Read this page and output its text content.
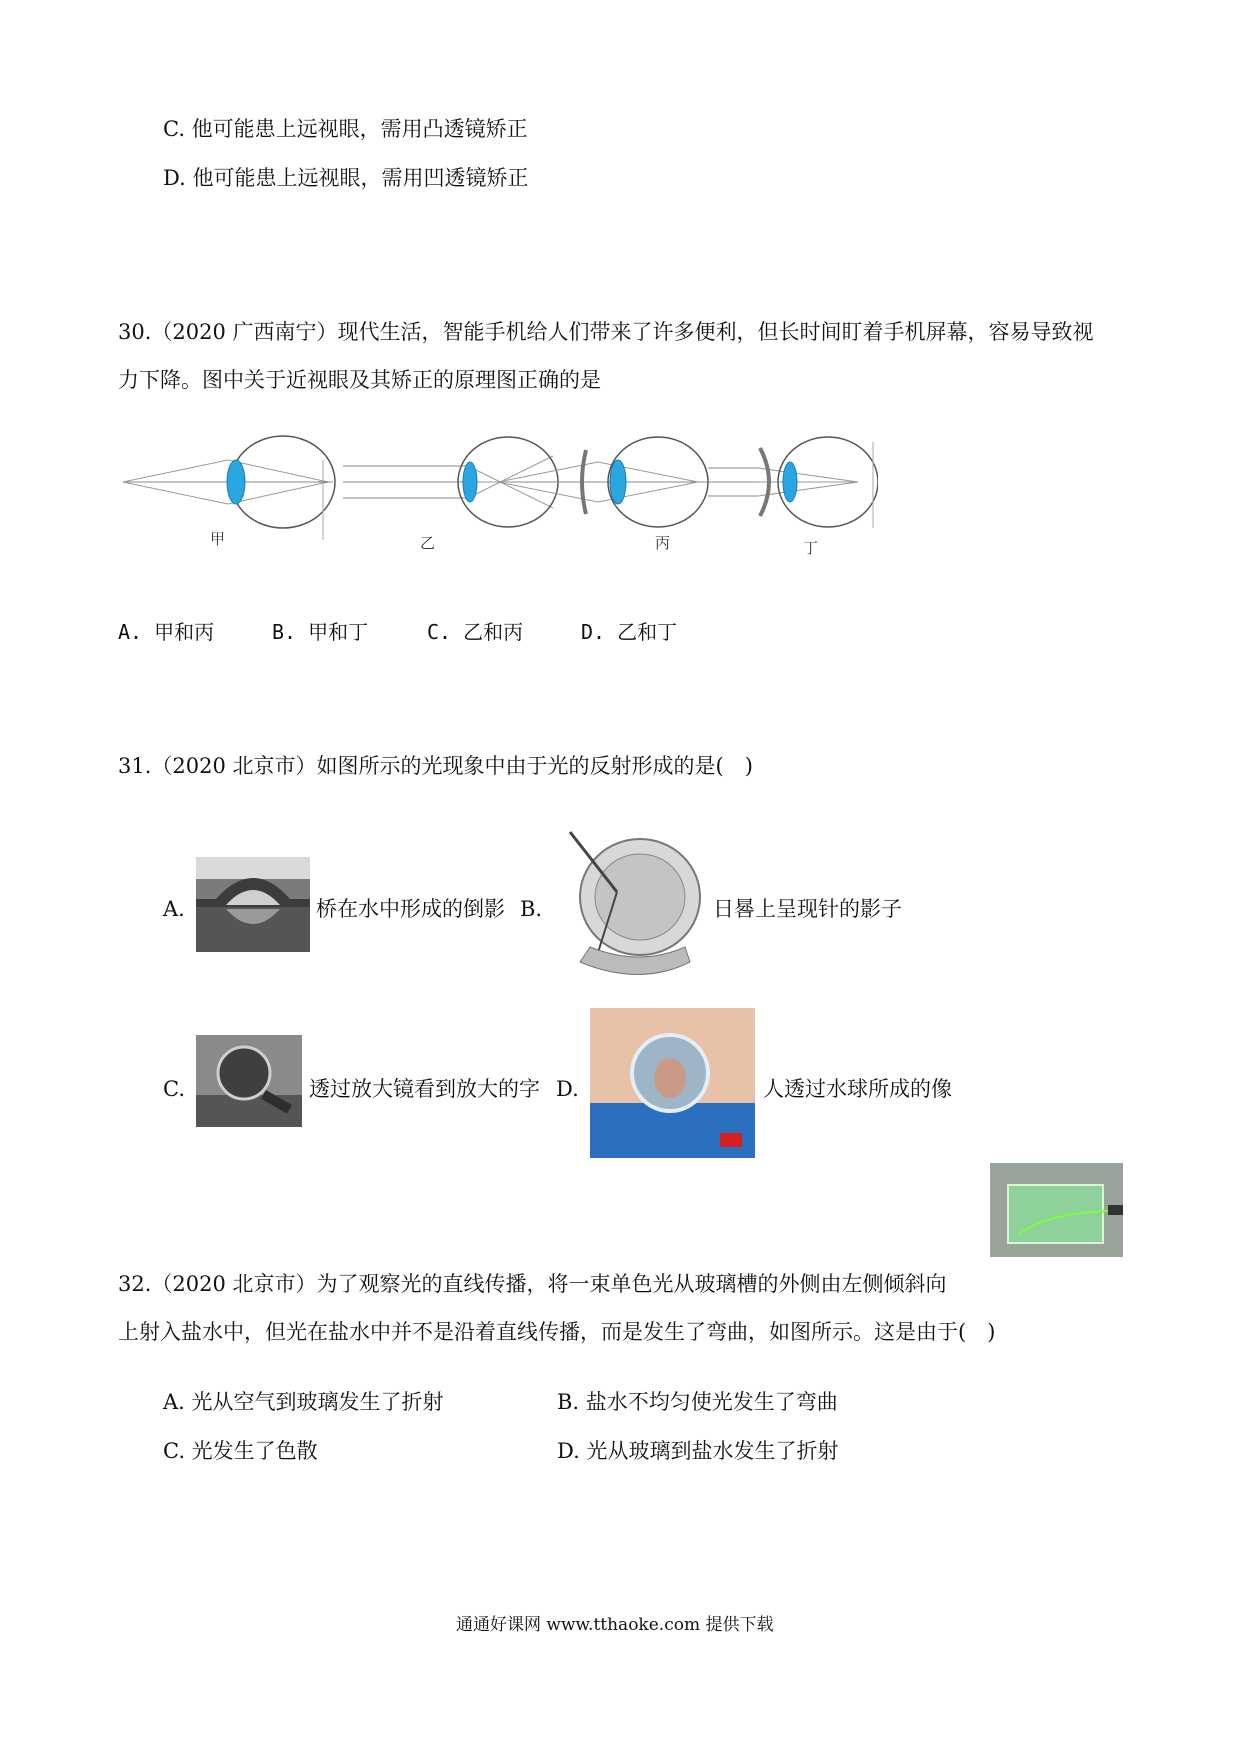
C. 他可能患上远视眼，需用凸透镜矫正
D. 他可能患上远视眼，需用凹透镜矫正
30.（2020 广西南宁）现代生活，智能手机给人们带来了许多便利，但长时间盯着手机屏幕，容易导致视
力下降。图中关于近视眼及其矫正的原理图正确的是
甲	乙	丙	丁
A. 甲和丙	B. 甲和丁	C. 乙和丙	D. 乙和丁
31.（2020 北京市）如图所示的光现象中由于光的反射形成的是(　)
A.	桥在水中形成的倒影 B.	日晷上呈现针的影子
C.	透过放大镜看到放大的字 D.	人透过水球所成的像
32.（2020 北京市）为了观察光的直线传播，将一束单色光从玻璃槽的外侧由左侧倾斜向
上射入盐水中，但光在盐水中并不是沿着直线传播，而是发生了弯曲，如图所示。这是由于(　)
A. 光从空气到玻璃发生了折射	B. 盐水不均匀使光发生了弯曲
C. 光发生了色散	D. 光从玻璃到盐水发生了折射
通通好课网 www.tthaoke.com 提供下载
